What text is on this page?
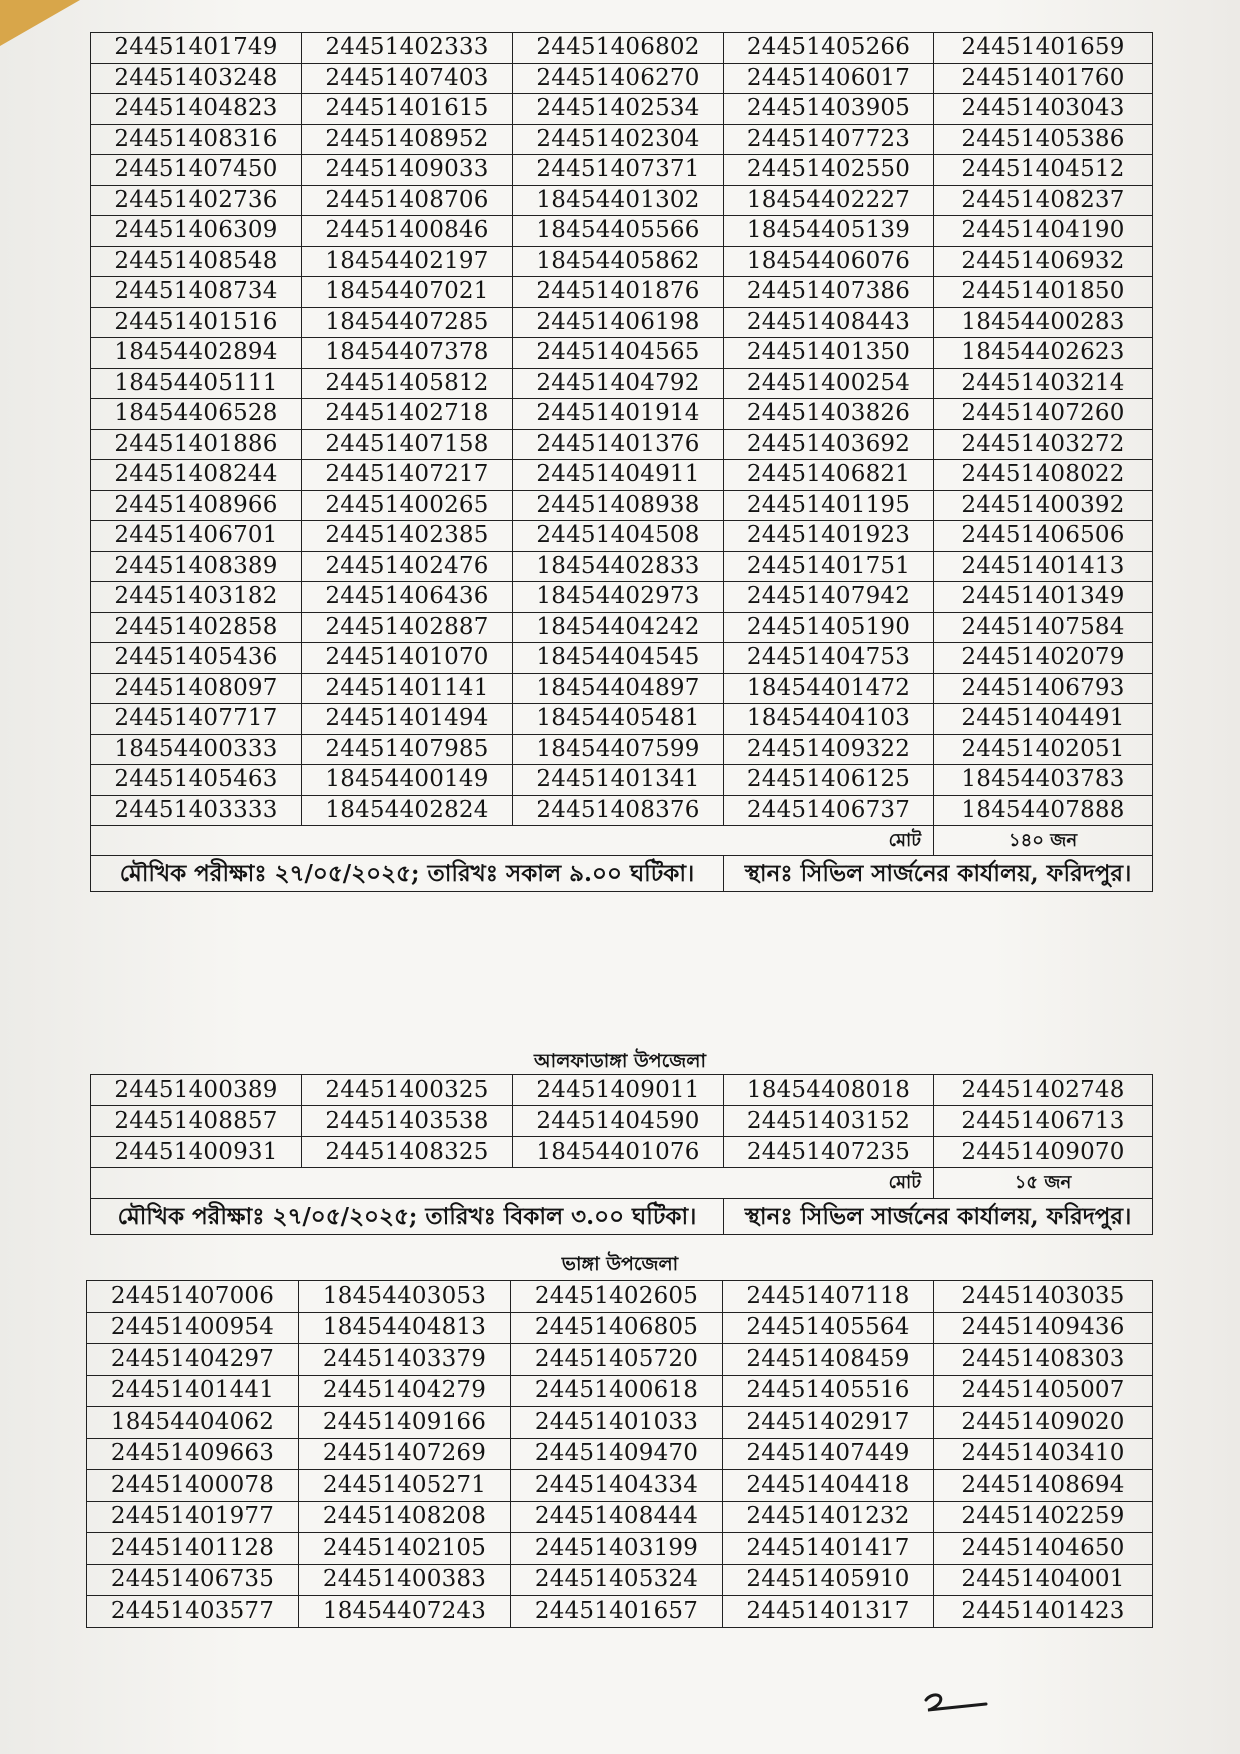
24451401749	24451402333	24451406802	24451405266	24451401659
24451403248	24451407403	24451406270	24451406017	24451401760
24451404823	24451401615	24451402534	24451403905	24451403043
24451408316	24451408952	24451402304	24451407723	24451405386
24451407450	24451409033	24451407371	24451402550	24451404512
24451402736	24451408706	18454401302	18454402227	24451408237
24451406309	24451400846	18454405566	18454405139	24451404190
24451408548	18454402197	18454405862	18454406076	24451406932
24451408734	18454407021	24451401876	24451407386	24451401850
24451401516	18454407285	24451406198	24451408443	18454400283
18454402894	18454407378	24451404565	24451401350	18454402623
18454405111	24451405812	24451404792	24451400254	24451403214
18454406528	24451402718	24451401914	24451403826	24451407260
24451401886	24451407158	24451401376	24451403692	24451403272
24451408244	24451407217	24451404911	24451406821	24451408022
24451408966	24451400265	24451408938	24451401195	24451400392
24451406701	24451402385	24451404508	24451401923	24451406506
24451408389	24451402476	18454402833	24451401751	24451401413
24451403182	24451406436	18454402973	24451407942	24451401349
24451402858	24451402887	18454404242	24451405190	24451407584
24451405436	24451401070	18454404545	24451404753	24451402079
24451408097	24451401141	18454404897	18454401472	24451406793
24451407717	24451401494	18454405481	18454404103	24451404491
18454400333	24451407985	18454407599	24451409322	24451402051
24451405463	18454400149	24451401341	24451406125	18454403783
24451403333	18454402824	24451408376	24451406737	18454407888
মোট				১৪০ জন
মৌখিক পরীক্ষাঃ ২৭/০৫/২০২৫; তারিখঃ সকাল ৯.০০ ঘটিকা।			স্থানঃ সিভিল সার্জনের কার্যালয়, ফরিদপুর।	
আলফাডাঙ্গা উপজেলা
24451400389	24451400325	24451409011	18454408018	24451402748
24451408857	24451403538	24451404590	24451403152	24451406713
24451400931	24451408325	18454401076	24451407235	24451409070
মোট				১৫ জন
মৌখিক পরীক্ষাঃ ২৭/০৫/২০২৫; তারিখঃ বিকাল ৩.০০ ঘটিকা।			স্থানঃ সিভিল সার্জনের কার্যালয়, ফরিদপুর।	
ভাঙ্গা উপজেলা
24451407006	18454403053	24451402605	24451407118	24451403035
24451400954	18454404813	24451406805	24451405564	24451409436
24451404297	24451403379	24451405720	24451408459	24451408303
24451401441	24451404279	24451400618	24451405516	24451405007
18454404062	24451409166	24451401033	24451402917	24451409020
24451409663	24451407269	24451409470	24451407449	24451403410
24451400078	24451405271	24451404334	24451404418	24451408694
24451401977	24451408208	24451408444	24451401232	24451402259
24451401128	24451402105	24451403199	24451401417	24451404650
24451406735	24451400383	24451405324	24451405910	24451404001
24451403577	18454407243	24451401657	24451401317	24451401423
